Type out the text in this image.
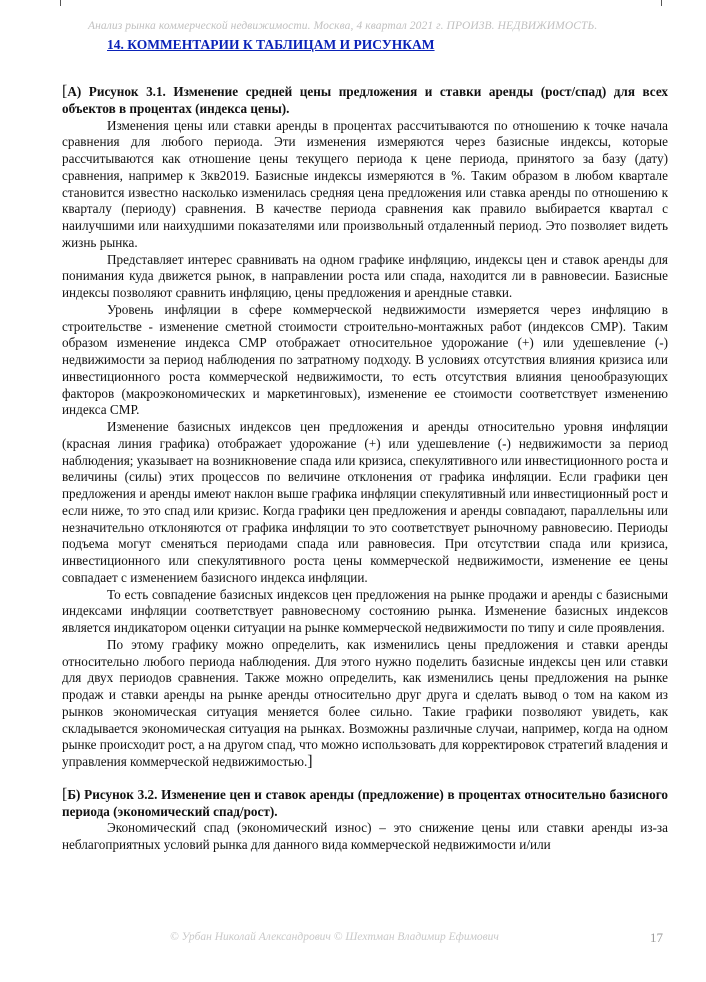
Анализ рынка коммерческой недвижимости. Москва, 4 квартал 2021 г. ПРОИЗВ. НЕДВИЖИМОСТЬ.
14. КОММЕНТАРИИ К ТАБЛИЦАМ И РИСУНКАМ

[А) Рисунок 3.1. Изменение средней цены предложения и ставки аренды (рост/спад) для всех объектов в процентах (индекса цены).

Изменения цены или ставки аренды в процентах рассчитываются по отношению к точке начала сравнения для любого периода. Эти изменения измеряются через базисные индексы, которые рассчитываются как отношение цены текущего периода к цене периода, принятого за базу (дату) сравнения, например к 3кв2019. Базисные индексы измеряются в %. Таким образом в любом квартале становится известно насколько изменилась средняя цена предложения или ставка аренды по отношению к кварталу (периоду) сравнения. В качестве периода сравнения как правило выбирается квартал с наилучшими или наихудшими показателями или произвольный отдаленный период. Это позволяет видеть жизнь рынка.

Представляет интерес сравнивать на одном графике инфляцию, индексы цен и ставок аренды для понимания куда движется рынок, в направлении роста или спада, находится ли в равновесии. Базисные индексы позволяют сравнить инфляцию, цены предложения и арендные ставки.

Уровень инфляции в сфере коммерческой недвижимости измеряется через инфляцию в строительстве - изменение сметной стоимости строительно-монтажных работ (индексов СМР). Таким образом изменение индекса СМР отображает относительное удорожание (+) или удешевление (-) недвижимости за период наблюдения по затратному подходу. В условиях отсутствия влияния кризиса или инвестиционного роста коммерческой недвижимости, то есть отсутствия влияния ценообразующих факторов (макроэкономических и маркетинговых), изменение ее стоимости соответствует изменению индекса СМР.

Изменение базисных индексов цен предложения и аренды относительно уровня инфляции (красная линия графика) отображает удорожание (+) или удешевление (-) недвижимости за период наблюдения; указывает на возникновение спада или кризиса, спекулятивного или инвестиционного роста и величины (силы) этих процессов по величине отклонения от графика инфляции. Если графики цен предложения и аренды имеют наклон выше графика инфляции спекулятивный или инвестиционный рост и если ниже, то это спад или кризис. Когда графики цен предложения и аренды совпадают, параллельны или незначительно отклоняются от графика инфляции то это соответствует рыночному равновесию. Периоды подъема могут сменяться периодами спада или равновесия. При отсутствии спада или кризиса, инвестиционного или спекулятивного роста цены коммерческой недвижимости, изменение ее цены совпадает с изменением базисного индекса инфляции.

То есть совпадение базисных индексов цен предложения на рынке продажи и аренды с базисными индексами инфляции соответствует равновесному состоянию рынка. Изменение базисных индексов является индикатором оценки ситуации на рынке коммерческой недвижимости по типу и силе проявления.

По этому графику можно определить, как изменились цены предложения и ставки аренды относительно любого периода наблюдения. Для этого нужно поделить базисные индексы цен или ставки для двух периодов сравнения. Также можно определить, как изменились цены предложения на рынке продаж и ставки аренды на рынке аренды относительно друг друга и сделать вывод о том на каком из рынков экономическая ситуация меняется более сильно. Такие графики позволяют увидеть, как складывается экономическая ситуация на рынках. Возможны различные случаи, например, когда на одном рынке происходит рост, а на другом спад, что можно использовать для корректировок стратегий владения и управления коммерческой недвижимостью.]

[Б) Рисунок 3.2. Изменение цен и ставок аренды (предложение) в процентах относительно базисного периода (экономический спад/рост).

Экономический спад (экономический износ) – это снижение цены или ставки аренды из-за неблагоприятных условий рынка для данного вида коммерческой недвижимости и/или

© Урбан Николай Александрович © Шехтман Владимир Ефимович	17
